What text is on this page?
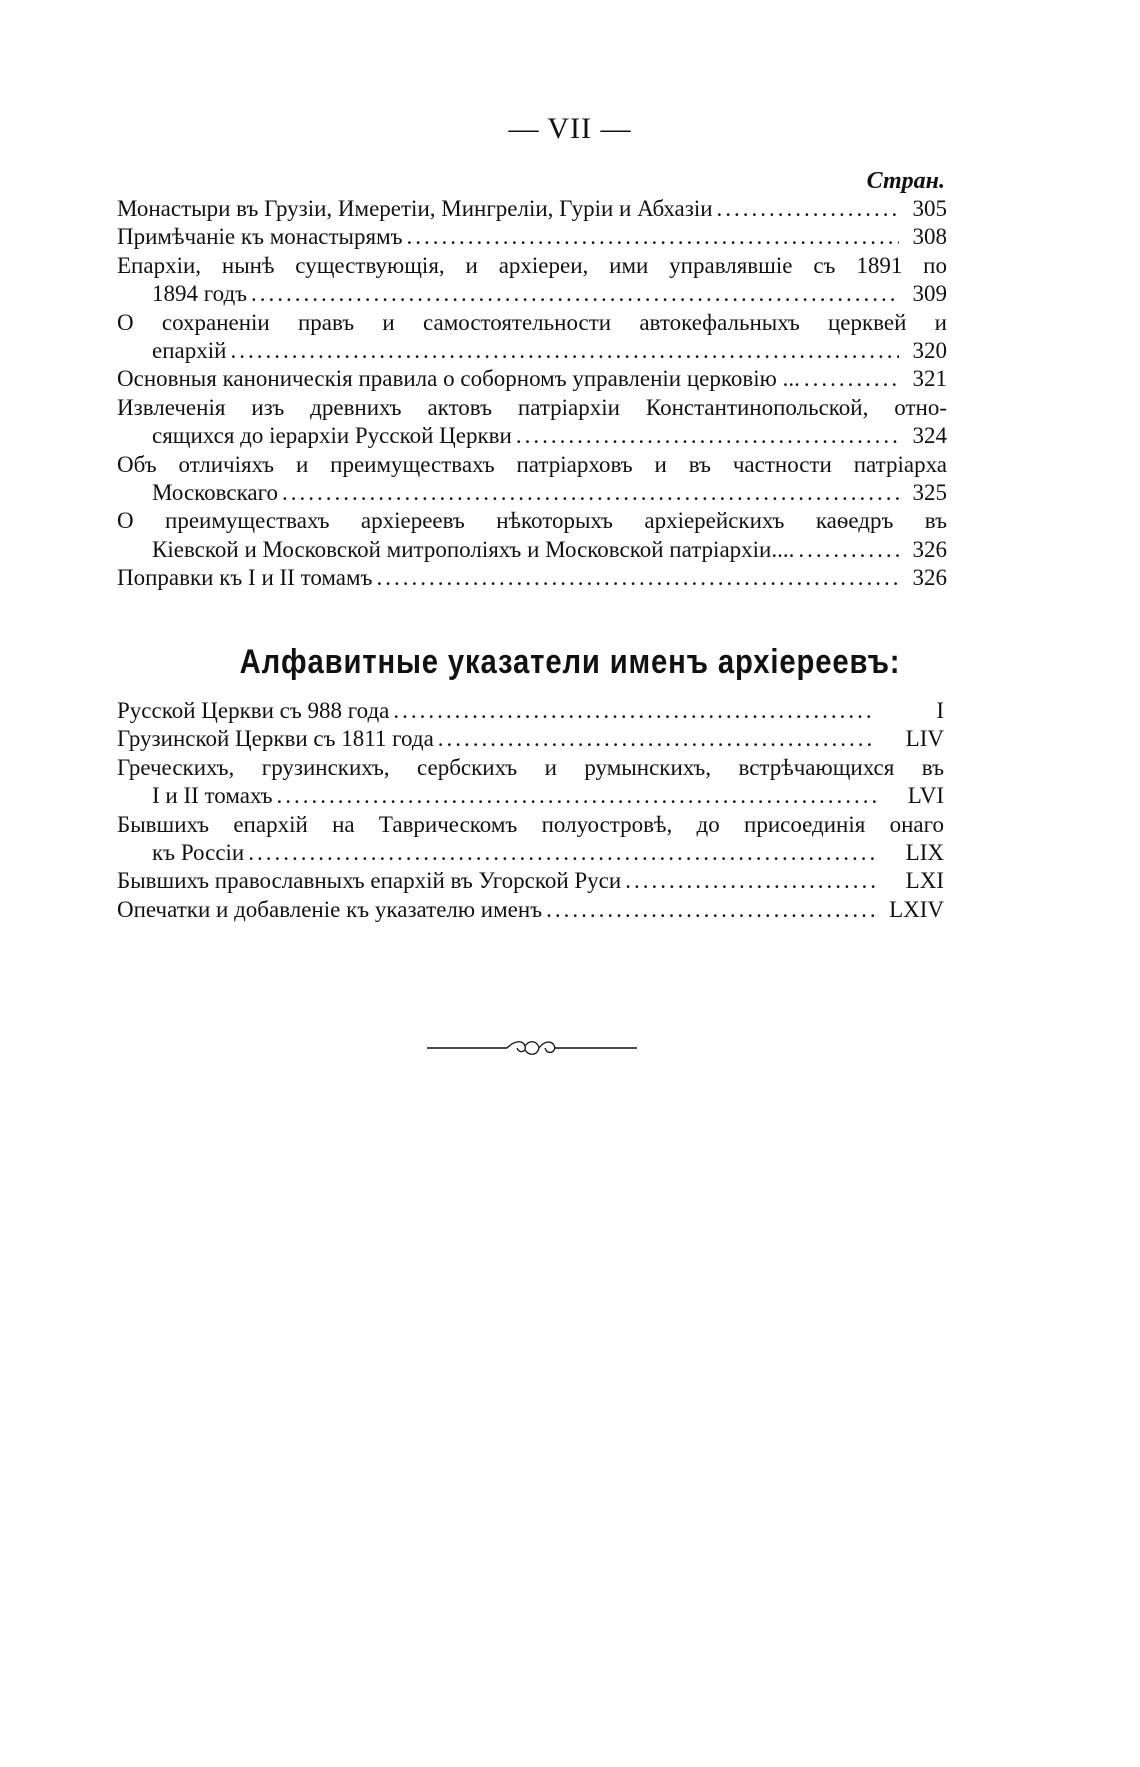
— VII —
Стран.
Монастыри въ Грузіи, Имеретіи, Мингреліи, Гуріи и Абхазіи .....	305
Примѣчаніе къ монастырямъ .....	308
Епархіи, нынѣ существующія, и архіереи, ими управлявшіе съ 1891 по
1894 годъ .....	309
О сохраненіи правъ и самостоятельности автокефальныхъ церквей и
епархій .....	320
Основныя каноническія правила о соборномъ управленіи церковію ... .....	321
Извлеченія изъ древнихъ актовъ патріархіи Константинопольской, отно-
сящихся до іерархіи Русской Церкви .....	324
Объ отличіяхъ и преимуществахъ патріарховъ и въ частности патріарха
Московскаго .....	325
О преимуществахъ архіереевъ нѣкоторыхъ архіерейскихъ каѳедръ въ
Кіевской и Московской митрополіяхъ и Московской патріархіи.... .....	326
Поправки къ I и II томамъ .....	326
Алфавитные указатели именъ архіереевъ:
Русской Церкви съ 988 года .....	I
Грузинской Церкви съ 1811 года .....	LIV
Греческихъ, грузинскихъ, сербскихъ и румынскихъ, встрѣчающихся въ
I и II томахъ .....	LVI
Бывшихъ епархій на Таврическомъ полуостровѣ, до присоединія онаго
къ Россіи .....	LIX
Бывшихъ православныхъ епархій въ Угорской Руси .....	LXI
Опечатки и добавленіе къ указателю именъ .....	LXIV
